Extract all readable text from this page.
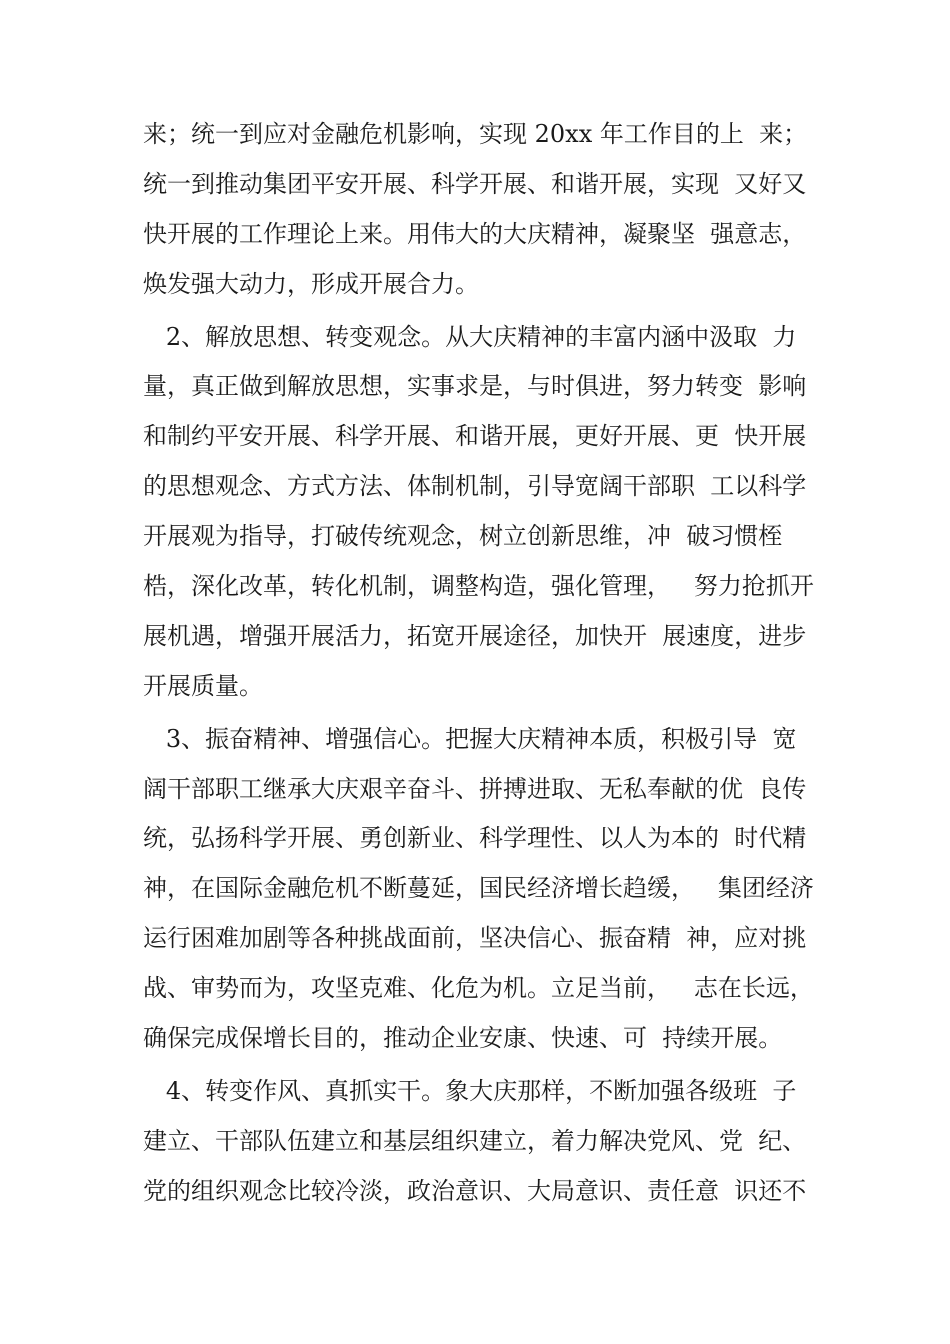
来；统一到应对金融危机影响，实现 20xx 年工作目的上  来；
统一到推动集团平安开展、科学开展、和谐开展，实现  又好又
快开展的工作理论上来。用伟大的大庆精神，凝聚坚  强意志，
焕发强大动力，形成开展合力。
2、解放思想、转变观念。从大庆精神的丰富内涵中汲取  力
量，真正做到解放思想，实事求是，与时俱进，努力转变  影响
和制约平安开展、科学开展、和谐开展，更好开展、更  快开展
的思想观念、方式方法、体制机制，引导宽阔干部职  工以科学
开展观为指导，打破传统观念，树立创新思维，冲  破习惯桎
梏，深化改革，转化机制，调整构造，强化管理，   努力抢抓开
展机遇，增强开展活力，拓宽开展途径，加快开  展速度，进步
开展质量。
3、振奋精神、增强信心。把握大庆精神本质，积极引导  宽
阔干部职工继承大庆艰辛奋斗、拼搏进取、无私奉献的优  良传
统，弘扬科学开展、勇创新业、科学理性、以人为本的  时代精
神，在国际金融危机不断蔓延，国民经济增长趋缓，   集团经济
运行困难加剧等各种挑战面前，坚决信心、振奋精  神，应对挑
战、审势而为，攻坚克难、化危为机。立足当前，   志在长远，
确保完成保增长目的，推动企业安康、快速、可  持续开展。
4、转变作风、真抓实干。象大庆那样，不断加强各级班  子
建立、干部队伍建立和基层组织建立，着力解决党风、党  纪、
党的组织观念比较冷淡，政治意识、大局意识、责任意  识还不
